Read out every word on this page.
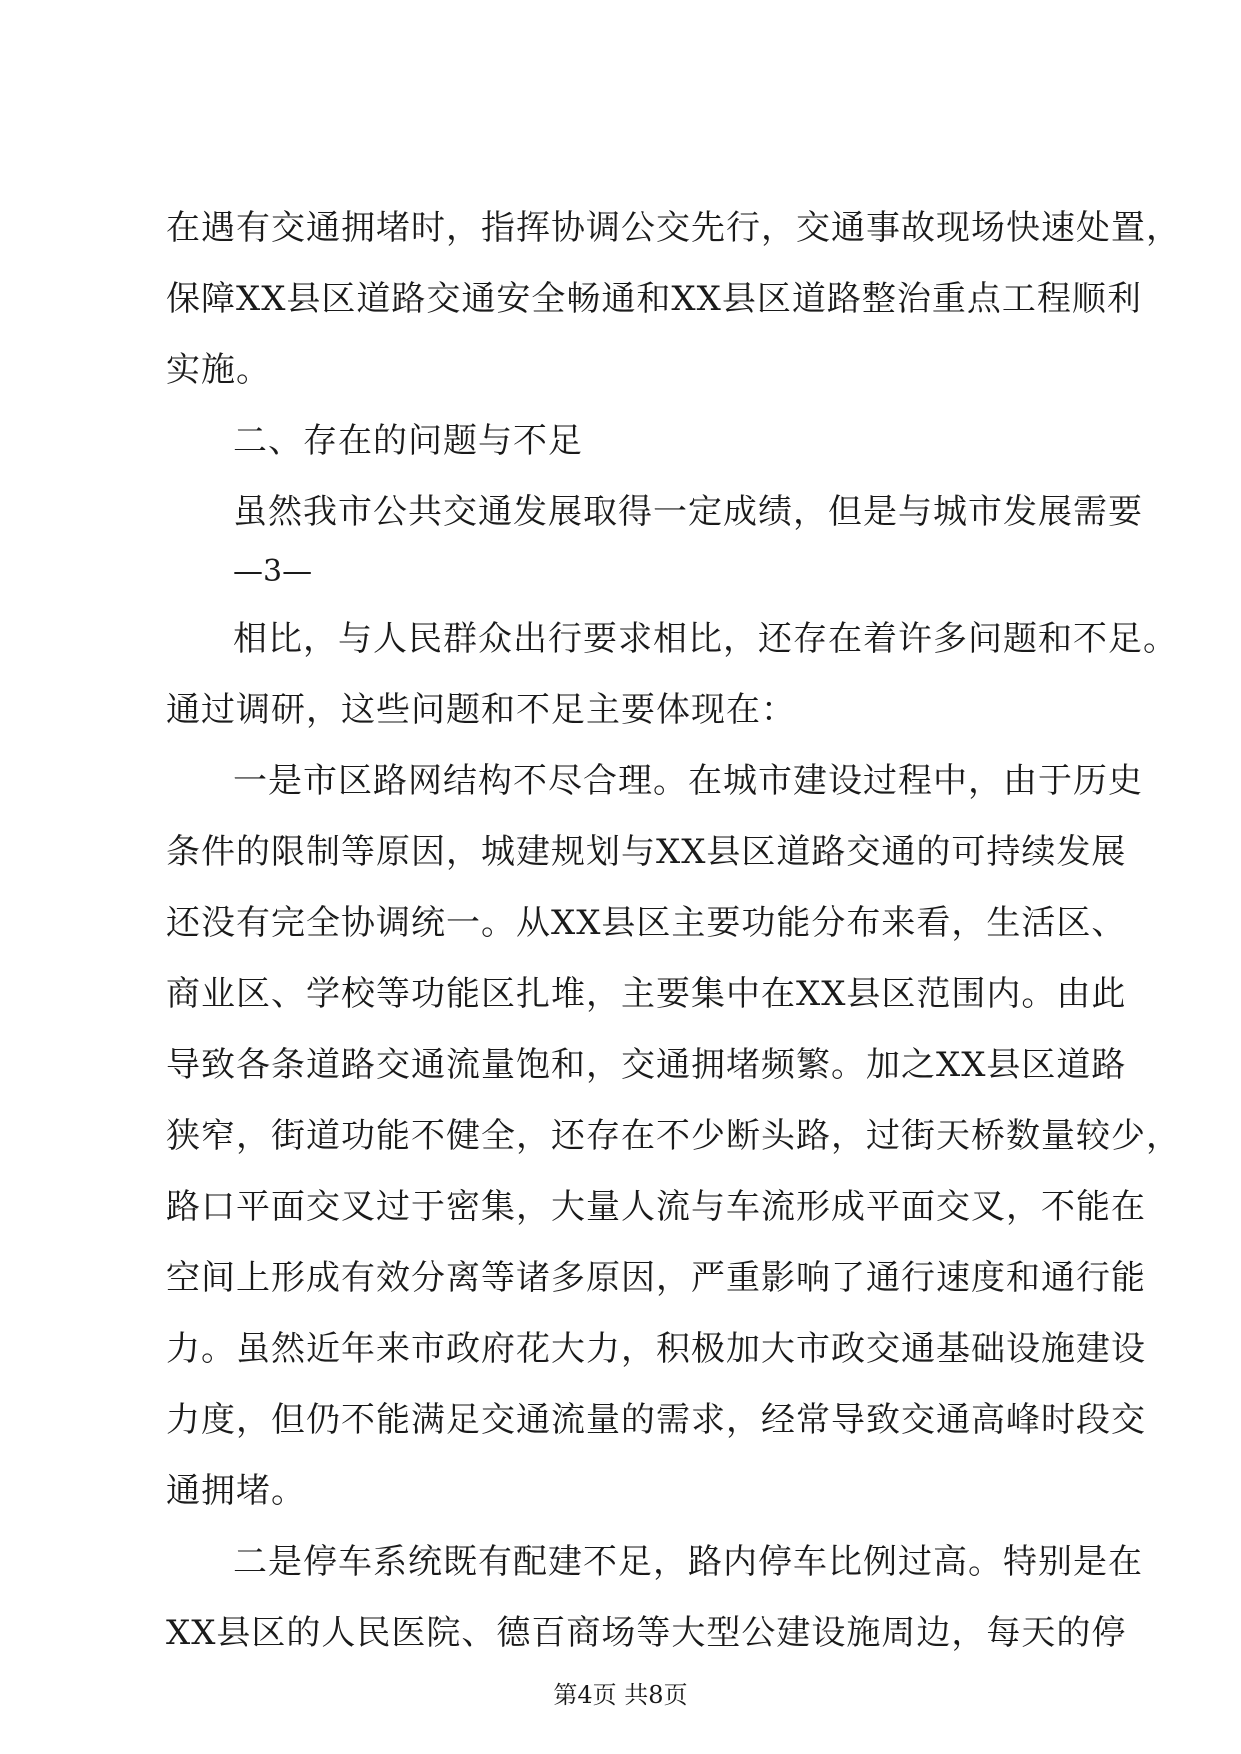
在遇有交通拥堵时，指挥协调公交先行，交通事故现场快速处置，
保障XX县区道路交通安全畅通和XX县区道路整治重点工程顺利
实施。
二、存在的问题与不足
虽然我市公共交通发展取得一定成绩，但是与城市发展需要
—3—
相比，与人民群众出行要求相比，还存在着许多问题和不足。
通过调研，这些问题和不足主要体现在：
一是市区路网结构不尽合理。在城市建设过程中，由于历史
条件的限制等原因，城建规划与XX县区道路交通的可持续发展
还没有完全协调统一。从XX县区主要功能分布来看，生活区、
商业区、学校等功能区扎堆，主要集中在XX县区范围内。由此
导致各条道路交通流量饱和，交通拥堵频繁。加之XX县区道路
狭窄，街道功能不健全，还存在不少断头路，过街天桥数量较少，
路口平面交叉过于密集，大量人流与车流形成平面交叉，不能在
空间上形成有效分离等诸多原因，严重影响了通行速度和通行能
力。虽然近年来市政府花大力，积极加大市政交通基础设施建设
力度，但仍不能满足交通流量的需求，经常导致交通高峰时段交
通拥堵。
二是停车系统既有配建不足，路内停车比例过高。特别是在
XX县区的人民医院、德百商场等大型公建设施周边，每天的停
第4页 共8页
